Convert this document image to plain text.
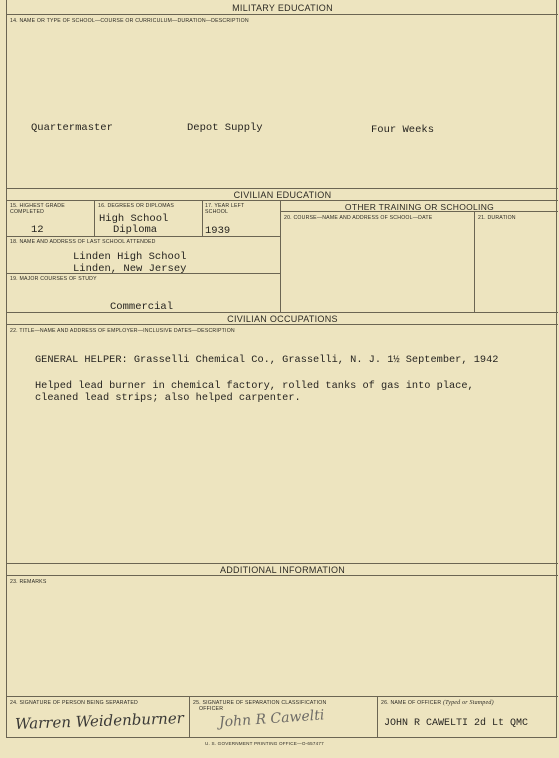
MILITARY EDUCATION
14. NAME OR TYPE OF SCHOOL—COURSE OR CURRICULUM—DURATION—DESCRIPTION
Quartermaster	Depot Supply	Four Weeks
CIVILIAN EDUCATION
15. HIGHEST GRADE COMPLETED
12
16. DEGREES OR DIPLOMAS
High School
Diploma
17. YEAR LEFT SCHOOL
1939
18. NAME AND ADDRESS OF LAST SCHOOL ATTENDED
Linden High School
Linden, New Jersey
19. MAJOR COURSES OF STUDY
Commercial
OTHER TRAINING OR SCHOOLING
20. COURSE—NAME AND ADDRESS OF SCHOOL—DATE	21. DURATION
CIVILIAN OCCUPATIONS
22. TITLE—NAME AND ADDRESS OF EMPLOYER—INCLUSIVE DATES—DESCRIPTION
GENERAL HELPER: Grasselli Chemical Co., Grasselli, N. J. 1½ September, 1942
Helped lead burner in chemical factory, rolled tanks of gas into place,
cleaned lead strips; also helped carpenter.
ADDITIONAL INFORMATION
23. REMARKS
24. SIGNATURE OF PERSON BEING SEPARATED
Warren Weidenburner
25. SIGNATURE OF SEPARATION CLASSIFICATION
OFFICER
John R Cawelti
26. NAME OF OFFICER (Typed or Stamped)
JOHN R CAWELTI 2d Lt QMC
U. S. GOVERNMENT PRINTING OFFICE—O-657477
